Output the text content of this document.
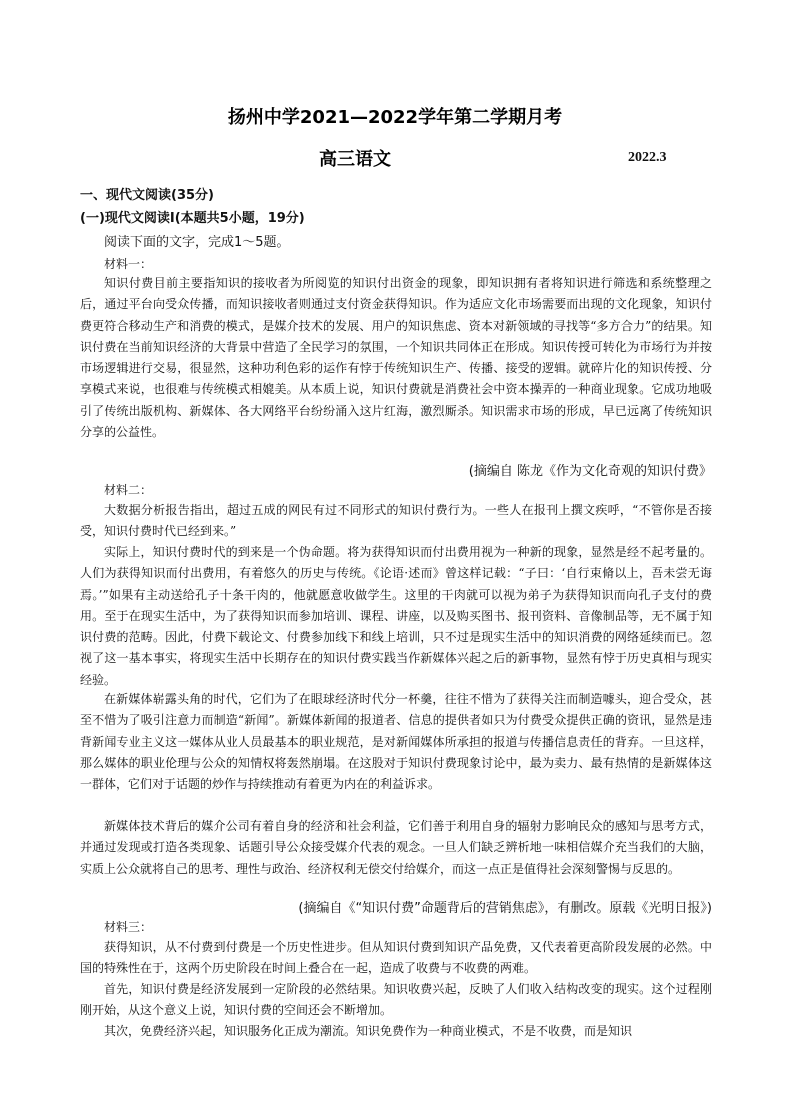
扬州中学2021—2022学年第二学期月考
高三语文	2022.3
一、现代文阅读(35分)
(一)现代文阅读Ⅰ(本题共5小题，19分)
阅读下面的文字，完成1～5题。
材料一：

知识付费目前主要指知识的接收者为所阅览的知识付出资金的现象，即知识拥有者将知识进行筛选和系统整理之后，通过平台向受众传播，而知识接收者则通过支付资金获得知识。作为适应文化市场需要而出现的文化现象，知识付费更符合移动生产和消费的模式，是媒介技术的发展、用户的知识焦虑、资本对新领域的寻找等“多方合力”的结果。知识付费在当前知识经济的大背景中营造了全民学习的氛围，一个知识共同体正在形成。知识传授可转化为市场行为并按市场逻辑进行交易，很显然，这种功利色彩的运作有悖于传统知识生产、传播、接受的逻辑。就碎片化的知识传授、分享模式来说，也很难与传统模式相媲美。从本质上说，知识付费就是消费社会中资本操弄的一种商业现象。它成功地吸引了传统出版机构、新媒体、各大网络平台纷纷涌入这片红海，激烈厮杀。知识需求市场的形成，早已远离了传统知识分享的公益性。

(摘编自 陈龙《作为文化奇观的知识付费》
材料二：

大数据分析报告指出，超过五成的网民有过不同形式的知识付费行为。一些人在报刊上撰文疾呼，“不管你是否接受，知识付费时代已经到来。”

实际上，知识付费时代的到来是一个伪命题。将为获得知识而付出费用视为一种新的现象，显然是经不起考量的。人们为获得知识而付出费用，有着悠久的历史与传统。《论语·述而》曾这样记载：“子曰：‘自行束脩以上，吾未尝无诲焉。’”如果有主动送给孔子十条干肉的，他就愿意收做学生。这里的干肉就可以视为弟子为获得知识而向孔子支付的费用。至于在现实生活中，为了获得知识而参加培训、课程、讲座，以及购买图书、报刊资料、音像制品等，无不属于知识付费的范畴。因此，付费下载论文、付费参加线下和线上培训，只不过是现实生活中的知识消费的网络延续而已。忽视了这一基本事实，将现实生活中长期存在的知识付费实践当作新媒体兴起之后的新事物，显然有悖于历史真相与现实经验。

在新媒体崭露头角的时代，它们为了在眼球经济时代分一杯羹，往往不惜为了获得关注而制造噱头，迎合受众，甚至不惜为了吸引注意力而制造“新闻”。新媒体新闻的报道者、信息的提供者如只为付费受众提供正确的资讯，显然是违背新闻专业主义这一媒体从业人员最基本的职业规范，是对新闻媒体所承担的报道与传播信息责任的背弃。一旦这样，那么媒体的职业伦理与公众的知情权将轰然崩塌。在这股对于知识付费现象讨论中，最为卖力、最有热情的是新媒体这一群体，它们对于话题的炒作与持续推动有着更为内在的利益诉求。

新媒体技术背后的媒介公司有着自身的经济和社会利益，它们善于利用自身的辐射力影响民众的感知与思考方式，并通过发现或打造各类现象、话题引导公众接受媒介代表的观念。一旦人们缺乏辨析地一味相信媒介充当我们的大脑，实质上公众就将自己的思考、理性与政治、经济权利无偿交付给媒介，而这一点正是值得社会深刻警惕与反思的。

(摘编自《“知识付费”命题背后的营销焦虑》，有删改。原载《光明日报》)
材料三：

获得知识，从不付费到付费是一个历史性进步。但从知识付费到知识产品免费，又代表着更高阶段发展的必然。中国的特殊性在于，这两个历史阶段在时间上叠合在一起，造成了收费与不收费的两难。

首先，知识付费是经济发展到一定阶段的必然结果。知识收费兴起，反映了人们收入结构改变的现实。这个过程刚刚开始，从这个意义上说，知识付费的空间还会不断增加。

其次，免费经济兴起，知识服务化正成为潮流。知识免费作为一种商业模式，不是不收费，而是知识
